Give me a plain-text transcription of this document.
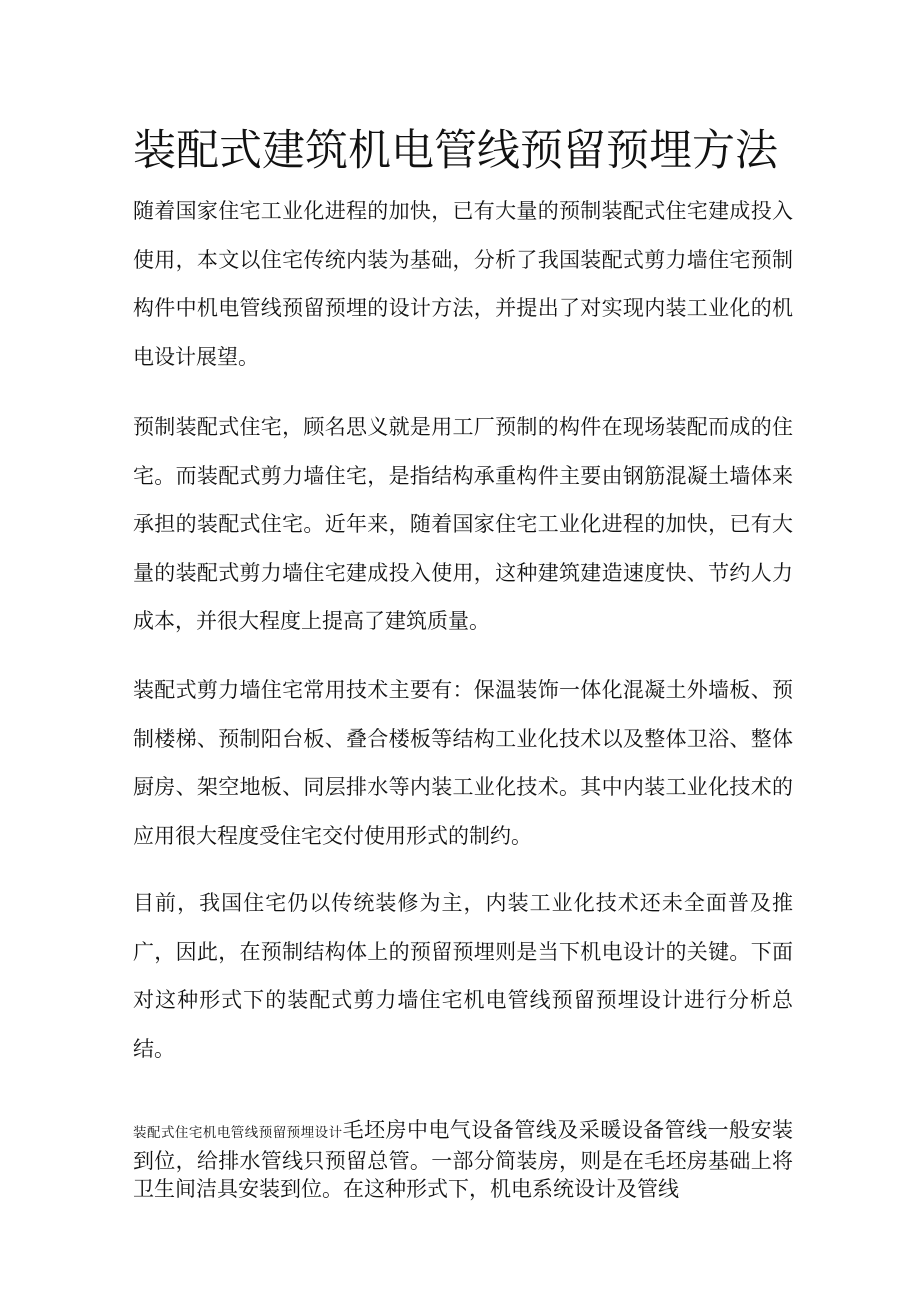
装配式建筑机电管线预留预埋方法

随着国家住宅工业化进程的加快，已有大量的预制装配式住宅建成投入使用，本文以住宅传统内装为基础，分析了我国装配式剪力墙住宅预制构件中机电管线预留预埋的设计方法，并提出了对实现内装工业化的机电设计展望。

预制装配式住宅，顾名思义就是用工厂预制的构件在现场装配而成的住宅。而装配式剪力墙住宅，是指结构承重构件主要由钢筋混凝土墙体来承担的装配式住宅。近年来，随着国家住宅工业化进程的加快，已有大量的装配式剪力墙住宅建成投入使用，这种建筑建造速度快、节约人力成本，并很大程度上提高了建筑质量。

装配式剪力墙住宅常用技术主要有：保温装饰一体化混凝土外墙板、预制楼梯、预制阳台板、叠合楼板等结构工业化技术以及整体卫浴、整体厨房、架空地板、同层排水等内装工业化技术。其中内装工业化技术的应用很大程度受住宅交付使用形式的制约。

目前，我国住宅仍以传统装修为主，内装工业化技术还未全面普及推广，因此，在预制结构体上的预留预埋则是当下机电设计的关键。下面对这种形式下的装配式剪力墙住宅机电管线预留预埋设计进行分析总结。

装配式住宅机电管线预留预埋设计毛坯房中电气设备管线及采暖设备管线一般安装到位，给排水管线只预留总管。一部分简装房，则是在毛坯房基础上将卫生间洁具安装到位。在这种形式下，机电系统设计及管线
